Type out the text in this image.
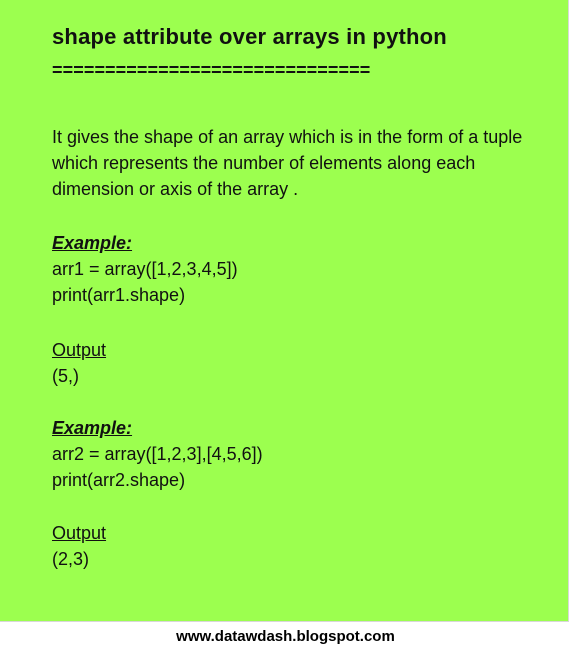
shape attribute over arrays in python
==============================

It gives the shape of an array which is in the form of a tuple which represents the number of elements along each dimension or axis of the array .

Example:
arr1 = array([1,2,3,4,5])
print(arr1.shape)
Output
(5,)
Example:
arr2 = array([1,2,3],[4,5,6])
print(arr2.shape)
Output
(2,3)
www.datawdash.blogspot.com
